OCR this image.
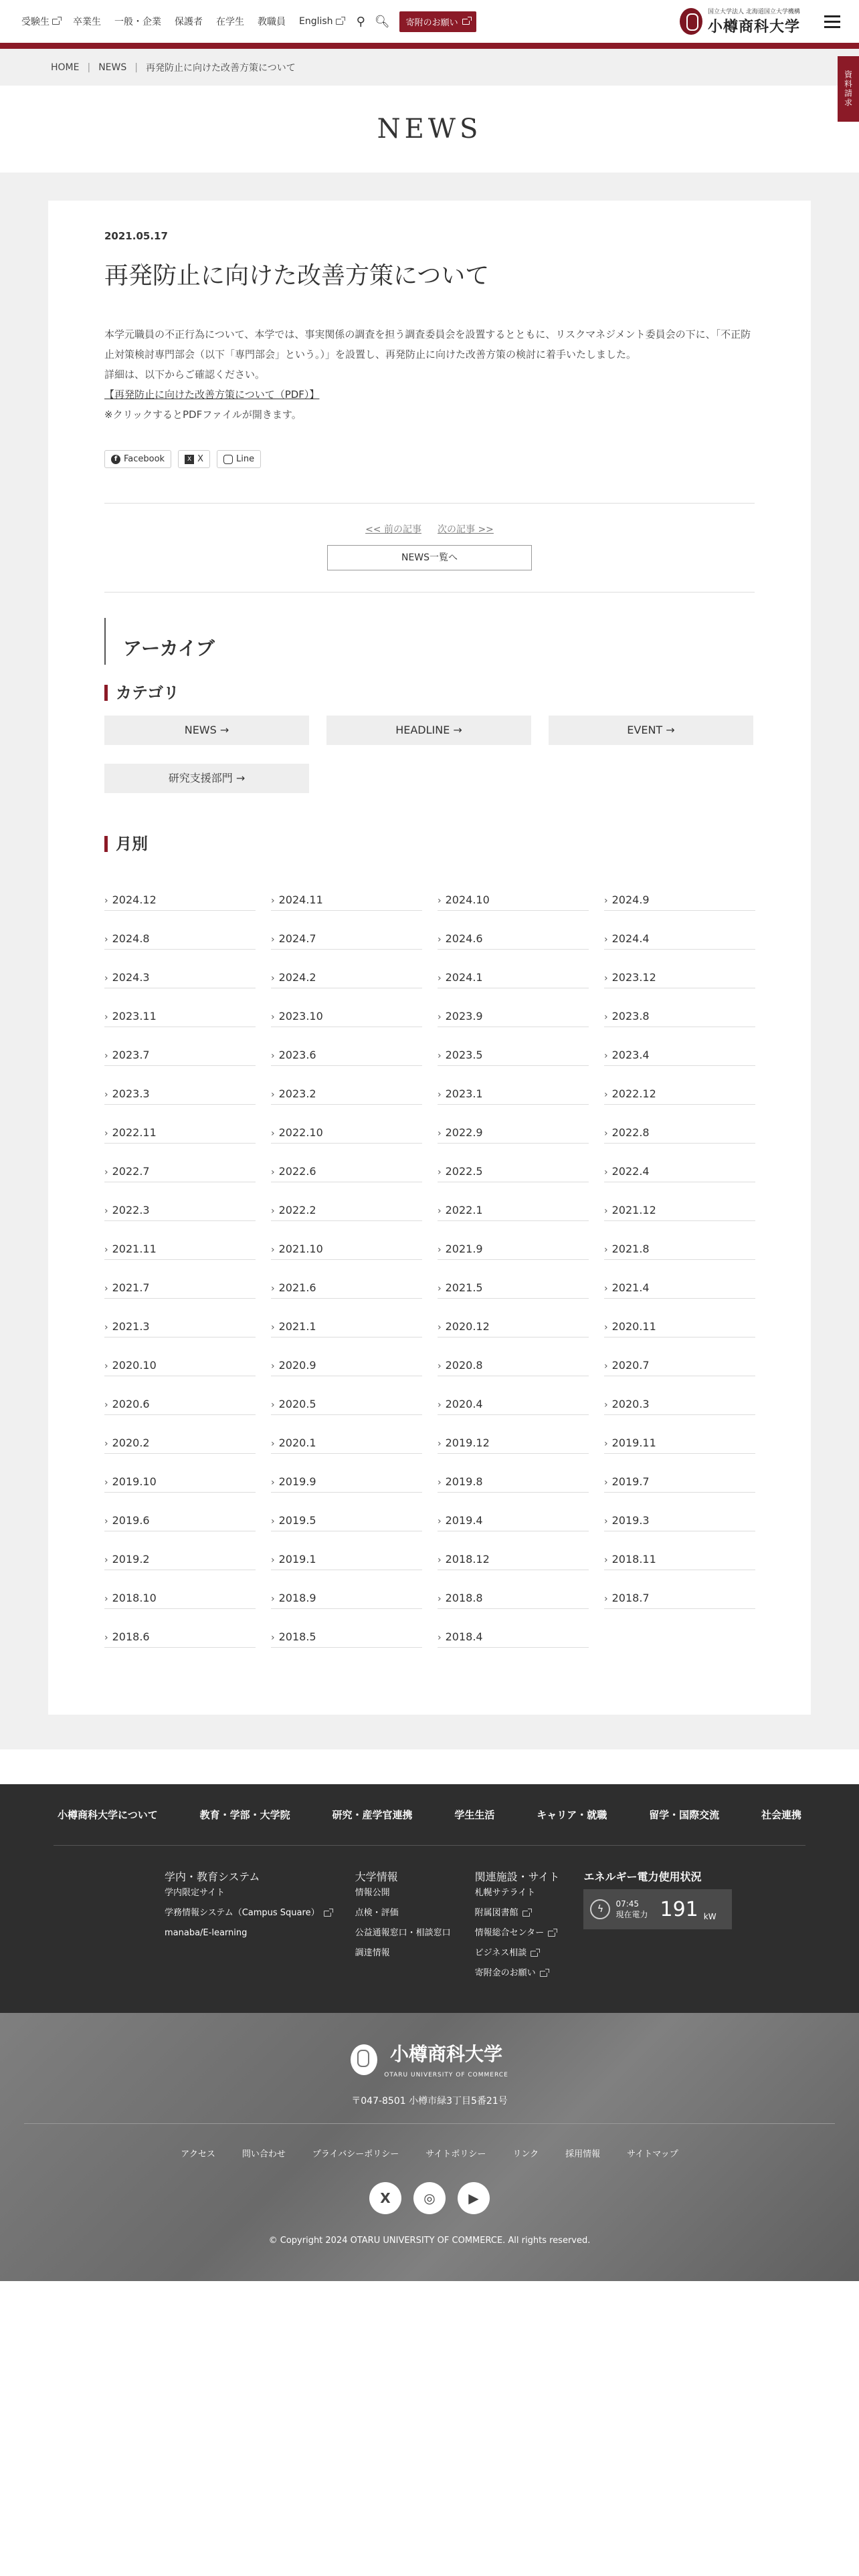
受験生	卒業生 一般・企業 保護者 在学生 教職員 English ⚲ 🔍︎ 寄附のお願い
国立大学法人 北海道国立大学機構
小樽商科大学
資料請求
HOME | NEWS | 再発防止に向けた改善方策について
NEWS
2021.05.17
再発防止に向けた改善方策について

本学元職員の不正行為について、本学では、事実関係の調査を担う調査委員会を設置するとともに、リスクマネジメント委員会の下に、「不正防止対策検討専門部会（以下「専門部会」という。）」を設置し、再発防止に向けた改善方策の検討に着手いたしました。

詳細は、以下からご確認ください。

【再発防止に向けた改善方策について（PDF）】

※クリックするとPDFファイルが開きます。

f Facebook	X X	Line
<< 前の記事 次の記事 >>
NEWS一覧へ
アーカイブ
カテゴリ
NEWS →	HEADLINE →	EVENT →
研究支援部門 →
月別
› 2024.12	› 2024.11	› 2024.10	› 2024.9
› 2024.8	› 2024.7	› 2024.6	› 2024.4
› 2024.3	› 2024.2	› 2024.1	› 2023.12
› 2023.11	› 2023.10	› 2023.9	› 2023.8
› 2023.7	› 2023.6	› 2023.5	› 2023.4
› 2023.3	› 2023.2	› 2023.1	› 2022.12
› 2022.11	› 2022.10	› 2022.9	› 2022.8
› 2022.7	› 2022.6	› 2022.5	› 2022.4
› 2022.3	› 2022.2	› 2022.1	› 2021.12
› 2021.11	› 2021.10	› 2021.9	› 2021.8
› 2021.7	› 2021.6	› 2021.5	› 2021.4
› 2021.3	› 2021.1	› 2020.12	› 2020.11
› 2020.10	› 2020.9	› 2020.8	› 2020.7
› 2020.6	› 2020.5	› 2020.4	› 2020.3
› 2020.2	› 2020.1	› 2019.12	› 2019.11
› 2019.10	› 2019.9	› 2019.8	› 2019.7
› 2019.6	› 2019.5	› 2019.4	› 2019.3
› 2019.2	› 2019.1	› 2018.12	› 2018.11
› 2018.10	› 2018.9	› 2018.8	› 2018.7
› 2018.6	› 2018.5	› 2018.4
小樽商科大学について	教育・学部・大学院	研究・産学官連携	学生生活	キャリア・就職	留学・国際交流	社会連携
学内・教育システム
学内限定サイト
学務情報システム（Campus Square）
manaba/E-learning
大学情報
情報公開
点検・評価
公益通報窓口・相談窓口
調達情報
関連施設・サイト
札幌サテライト
附属図書館
情報総合センター
ビジネス相談
寄附金のお願い
エネルギー電力使用状況
ϟ	07:45
現在電力 191 kW
小樽商科大学
OTARU UNIVERSITY OF COMMERCE
〒047-8501 小樽市緑3丁目5番21号
アクセス	問い合わせ	プライバシーポリシー	サイトポリシー	リンク	採用情報	サイトマップ
X	◎	▶
© Copyright 2024 OTARU UNIVERSITY OF COMMERCE. All rights reserved.
